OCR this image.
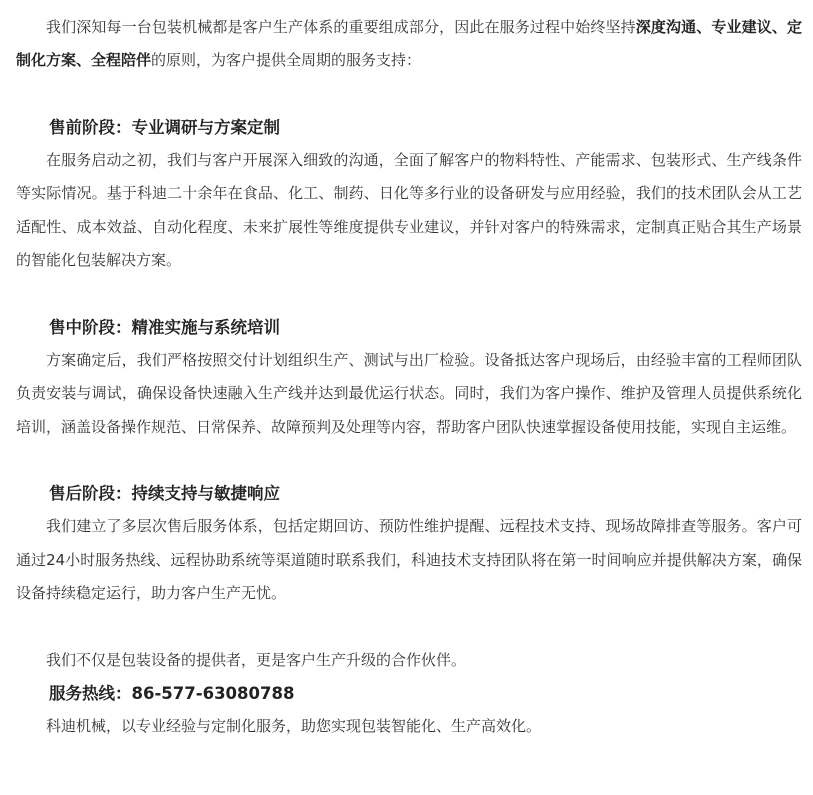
我们深知每一台包装机械都是客户生产体系的重要组成部分，因此在服务过程中始终坚持深度沟通、专业建议、定制化方案、全程陪伴的原则，为客户提供全周期的服务支持：

售前阶段：专业调研与方案定制

在服务启动之初，我们与客户开展深入细致的沟通，全面了解客户的物料特性、产能需求、包装形式、生产线条件等实际情况。基于科迪二十余年在食品、化工、制药、日化等多行业的设备研发与应用经验，我们的技术团队会从工艺适配性、成本效益、自动化程度、未来扩展性等维度提供专业建议，并针对客户的特殊需求，定制真正贴合其生产场景的智能化包装解决方案。

售中阶段：精准实施与系统培训

方案确定后，我们严格按照交付计划组织生产、测试与出厂检验。设备抵达客户现场后，由经验丰富的工程师团队负责安装与调试，确保设备快速融入生产线并达到最优运行状态。同时，我们为客户操作、维护及管理人员提供系统化培训，涵盖设备操作规范、日常保养、故障预判及处理等内容，帮助客户团队快速掌握设备使用技能，实现自主运维。

售后阶段：持续支持与敏捷响应

我们建立了多层次售后服务体系，包括定期回访、预防性维护提醒、远程技术支持、现场故障排查等服务。客户可通过24小时服务热线、远程协助系统等渠道随时联系我们，科迪技术支持团队将在第一时间响应并提供解决方案，确保设备持续稳定运行，助力客户生产无忧。

我们不仅是包装设备的提供者，更是客户生产升级的合作伙伴。

服务热线：86-577-63080788

科迪机械，以专业经验与定制化服务，助您实现包装智能化、生产高效化。
